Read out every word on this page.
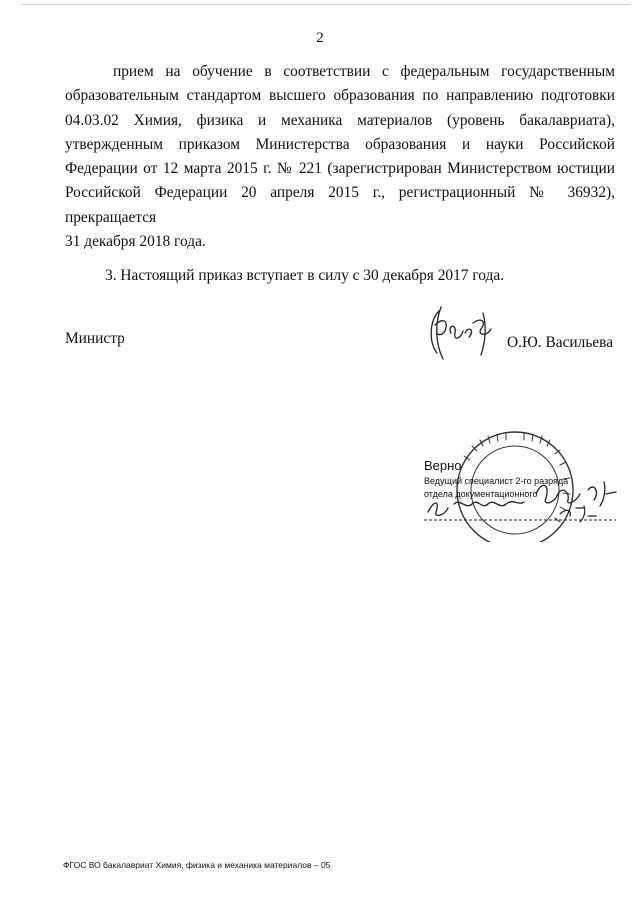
2

прием на обучение в соответствии с федеральным государственным образовательным стандартом высшего образования по направлению подготовки 04.03.02 Химия, физика и механика материалов (уровень бакалавриата), утвержденным приказом Министерства образования и науки Российской Федерации от 12 марта 2015 г. № 221 (зарегистрирован Министерством юстиции Российской Федерации 20 апреля 2015 г., регистрационный № 36932), прекращается

31 декабря 2018 года.

3. Настоящий приказ вступает в силу с 30 декабря 2017 года.

Министр	О.Ю. Васильева
Верно
Ведущий специалист 2-го разряда
отдела документационного
ФГОС ВО бакалавриат Химия, физика и механика материалов – 05
